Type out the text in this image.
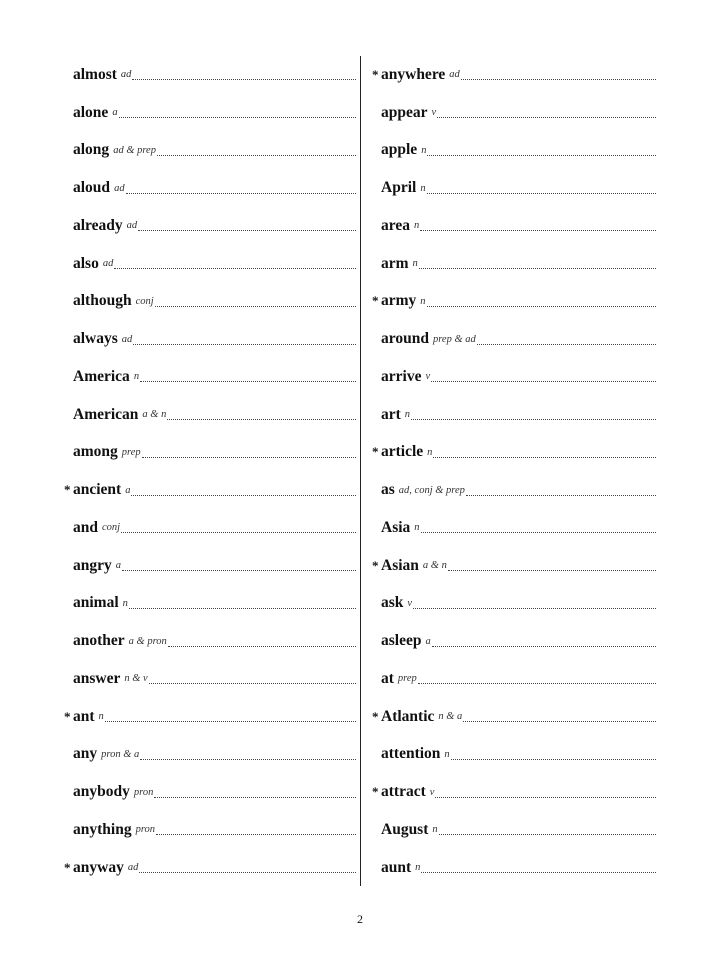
almost ad
alone a
along ad & prep
aloud ad
already ad
also ad
although conj
always ad
America n
American a & n
among prep
* ancient a
and conj
angry a
animal n
another a & pron
answer n & v
* ant n
any pron & a
anybody pron
anything pron
* anyway ad
* anywhere ad
appear v
apple n
April n
area n
arm n
* army n
around prep & ad
arrive v
art n
* article n
as ad, conj & prep
Asia n
* Asian a & n
ask v
asleep a
at prep
* Atlantic n & a
attention n
* attract v
August n
aunt n
2
